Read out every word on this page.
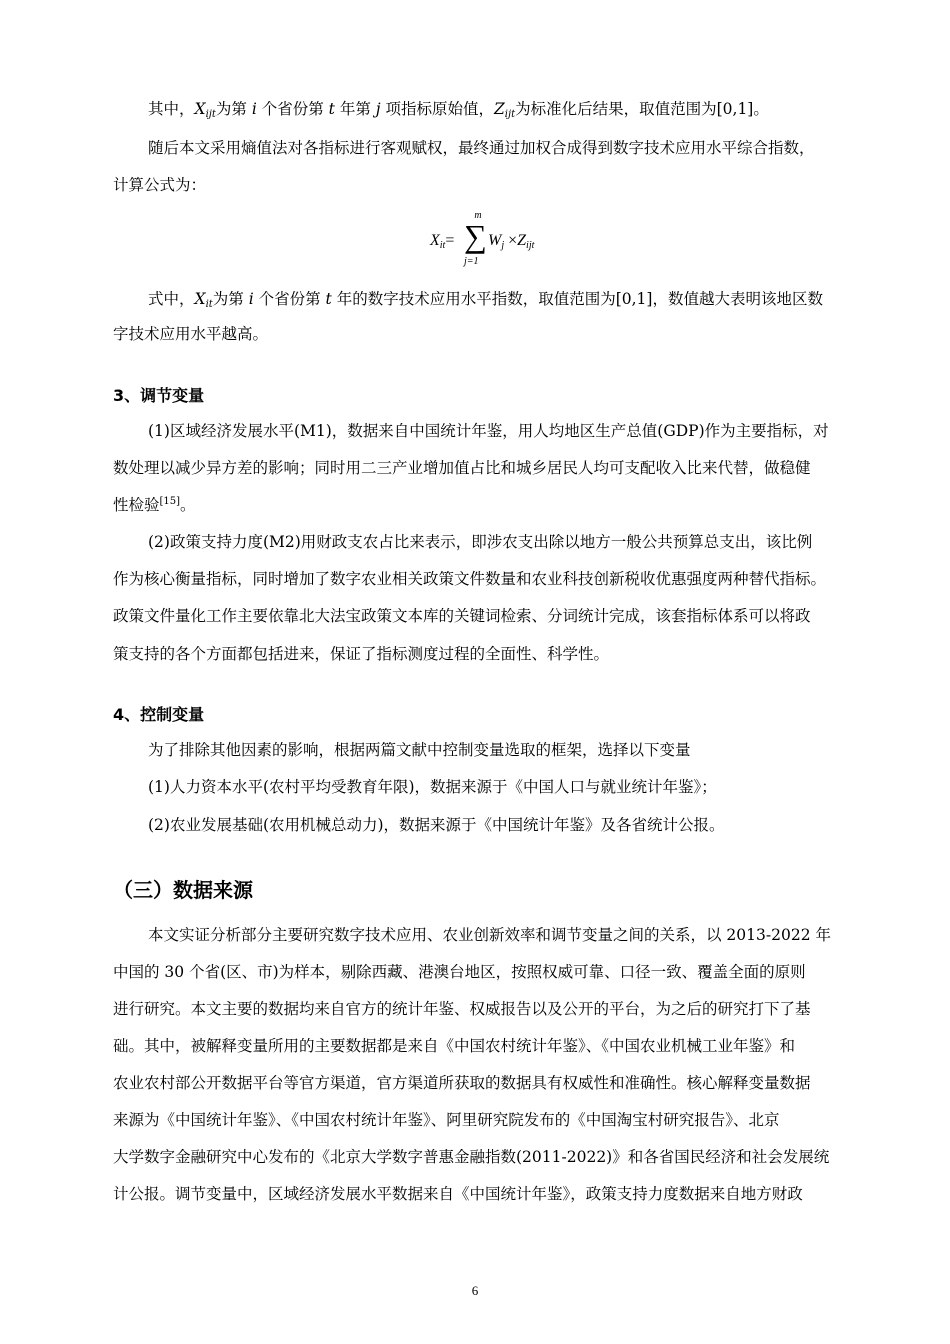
其中，$X_{ijt}$为第 i 个省份第 t 年第 j 项指标原始值，$Z_{ijt}$为标准化后结果，取值范围为[0,1]。
随后本文采用熵值法对各指标进行客观赋权，最终通过加权合成得到数字技术应用水平综合指数，
计算公式为：
$X_{it}=$
m
∑
j=1
$W_j \times Z_{ijt}$
式中，$X_{it}$为第 i 个省份第 t 年的数字技术应用水平指数，取值范围为[0,1]，数值越大表明该地区数
字技术应用水平越高。
3、调节变量
(1)区域经济发展水平(M1)，数据来自中国统计年鉴，用人均地区生产总值(GDP)作为主要指标，对
数处理以减少异方差的影响；同时用二三产业增加值占比和城乡居民人均可支配收入比来代替，做稳健
性检验[15]。
(2)政策支持力度(M2)用财政支农占比来表示，即涉农支出除以地方一般公共预算总支出，该比例
作为核心衡量指标，同时增加了数字农业相关政策文件数量和农业科技创新税收优惠强度两种替代指标。
政策文件量化工作主要依靠北大法宝政策文本库的关键词检索、分词统计完成，该套指标体系可以将政
策支持的各个方面都包括进来，保证了指标测度过程的全面性、科学性。
4、控制变量
为了排除其他因素的影响，根据两篇文献中控制变量选取的框架，选择以下变量
(1)人力资本水平(农村平均受教育年限)，数据来源于《中国人口与就业统计年鉴》；
(2)农业发展基础(农用机械总动力)，数据来源于《中国统计年鉴》及各省统计公报。
（三）数据来源
本文实证分析部分主要研究数字技术应用、农业创新效率和调节变量之间的关系，以 2013-2022 年
中国的 30 个省(区、市)为样本，剔除西藏、港澳台地区，按照权威可靠、口径一致、覆盖全面的原则
进行研究。本文主要的数据均来自官方的统计年鉴、权威报告以及公开的平台，为之后的研究打下了基
础。其中，被解释变量所用的主要数据都是来自《中国农村统计年鉴》、《中国农业机械工业年鉴》和
农业农村部公开数据平台等官方渠道，官方渠道所获取的数据具有权威性和准确性。核心解释变量数据
来源为《中国统计年鉴》、《中国农村统计年鉴》、阿里研究院发布的《中国淘宝村研究报告》、北京
大学数字金融研究中心发布的《北京大学数字普惠金融指数(2011-2022)》和各省国民经济和社会发展统
计公报。调节变量中，区域经济发展水平数据来自《中国统计年鉴》，政策支持力度数据来自地方财政
6
